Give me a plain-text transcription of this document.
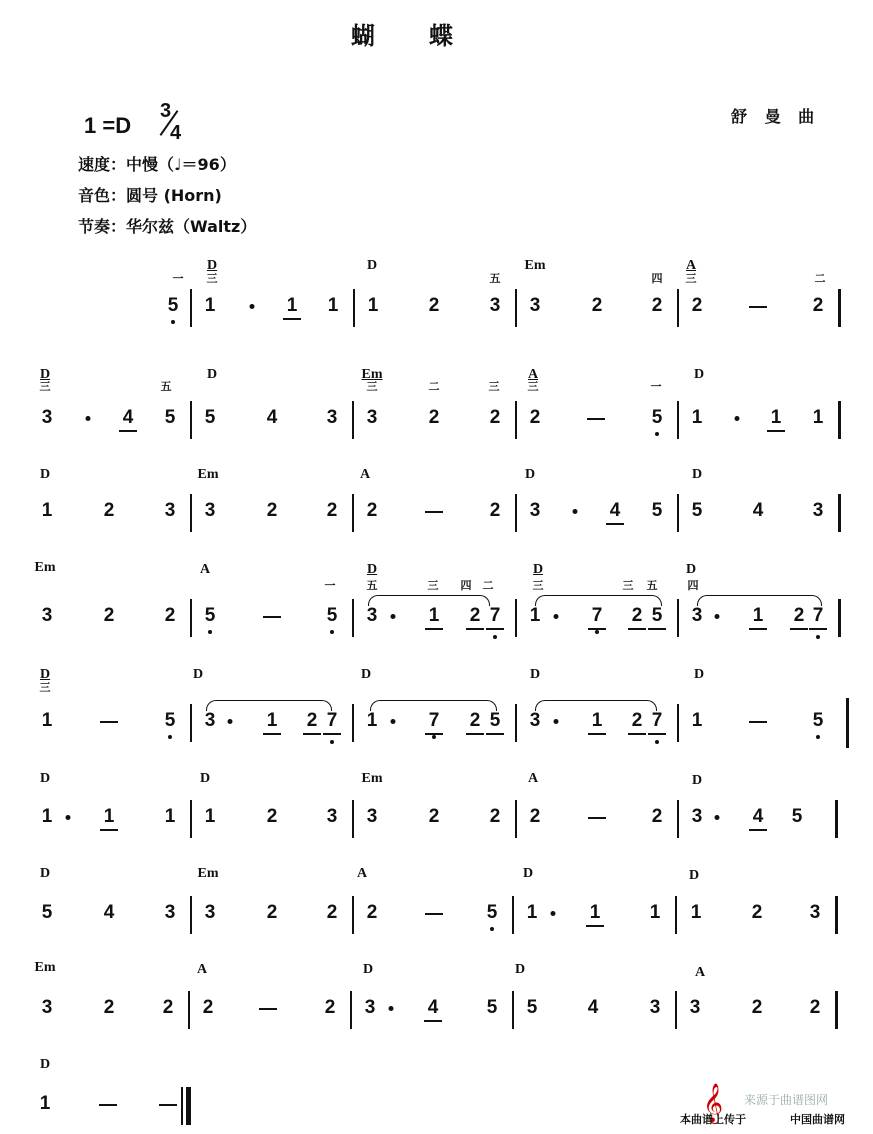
蝴　　蝶
1 =D
3
4
舒 曼 曲
速度：中慢（♩＝96）
音色：圆号 (Horn)
节奏：华尔兹（Waltz）
一
D
三
D
五
Em
四
A
三	二
5 1	1 1 1	2	3 3	2	2 2	2
D
三	五
D	Em
三	二	三
A
三	一
D
3	4 5 5	4	3 3	2	2 2	5 1	1 1
D	Em	A	D	D
1	2	3 3	2	2 2	2 3	4 5 5	4	3
Em	A
一
D
五	三 四 二
D
三	三 五
D
四
3	2	2 5	5 3	1 2 7 1	7 2 5 3	1 2 7
D
三
D	D	D	D
1	5 3	1 2 7 1	7 2 5 3	1 2 7 1	5
D	D	Em	A	D
1	1	1 1	2	3 3	2	2 2	2 3	4 5
D	Em	A	D	D
5	4	3 3	2	2 2	5 1	1	1 1	2 3
Em	A	D	D	A
3	2	2 2	2 3	4	5 5	4	3 3	2 2
D
1	来源于曲谱图网
𝄞
本曲谱上传于	中国曲谱网
